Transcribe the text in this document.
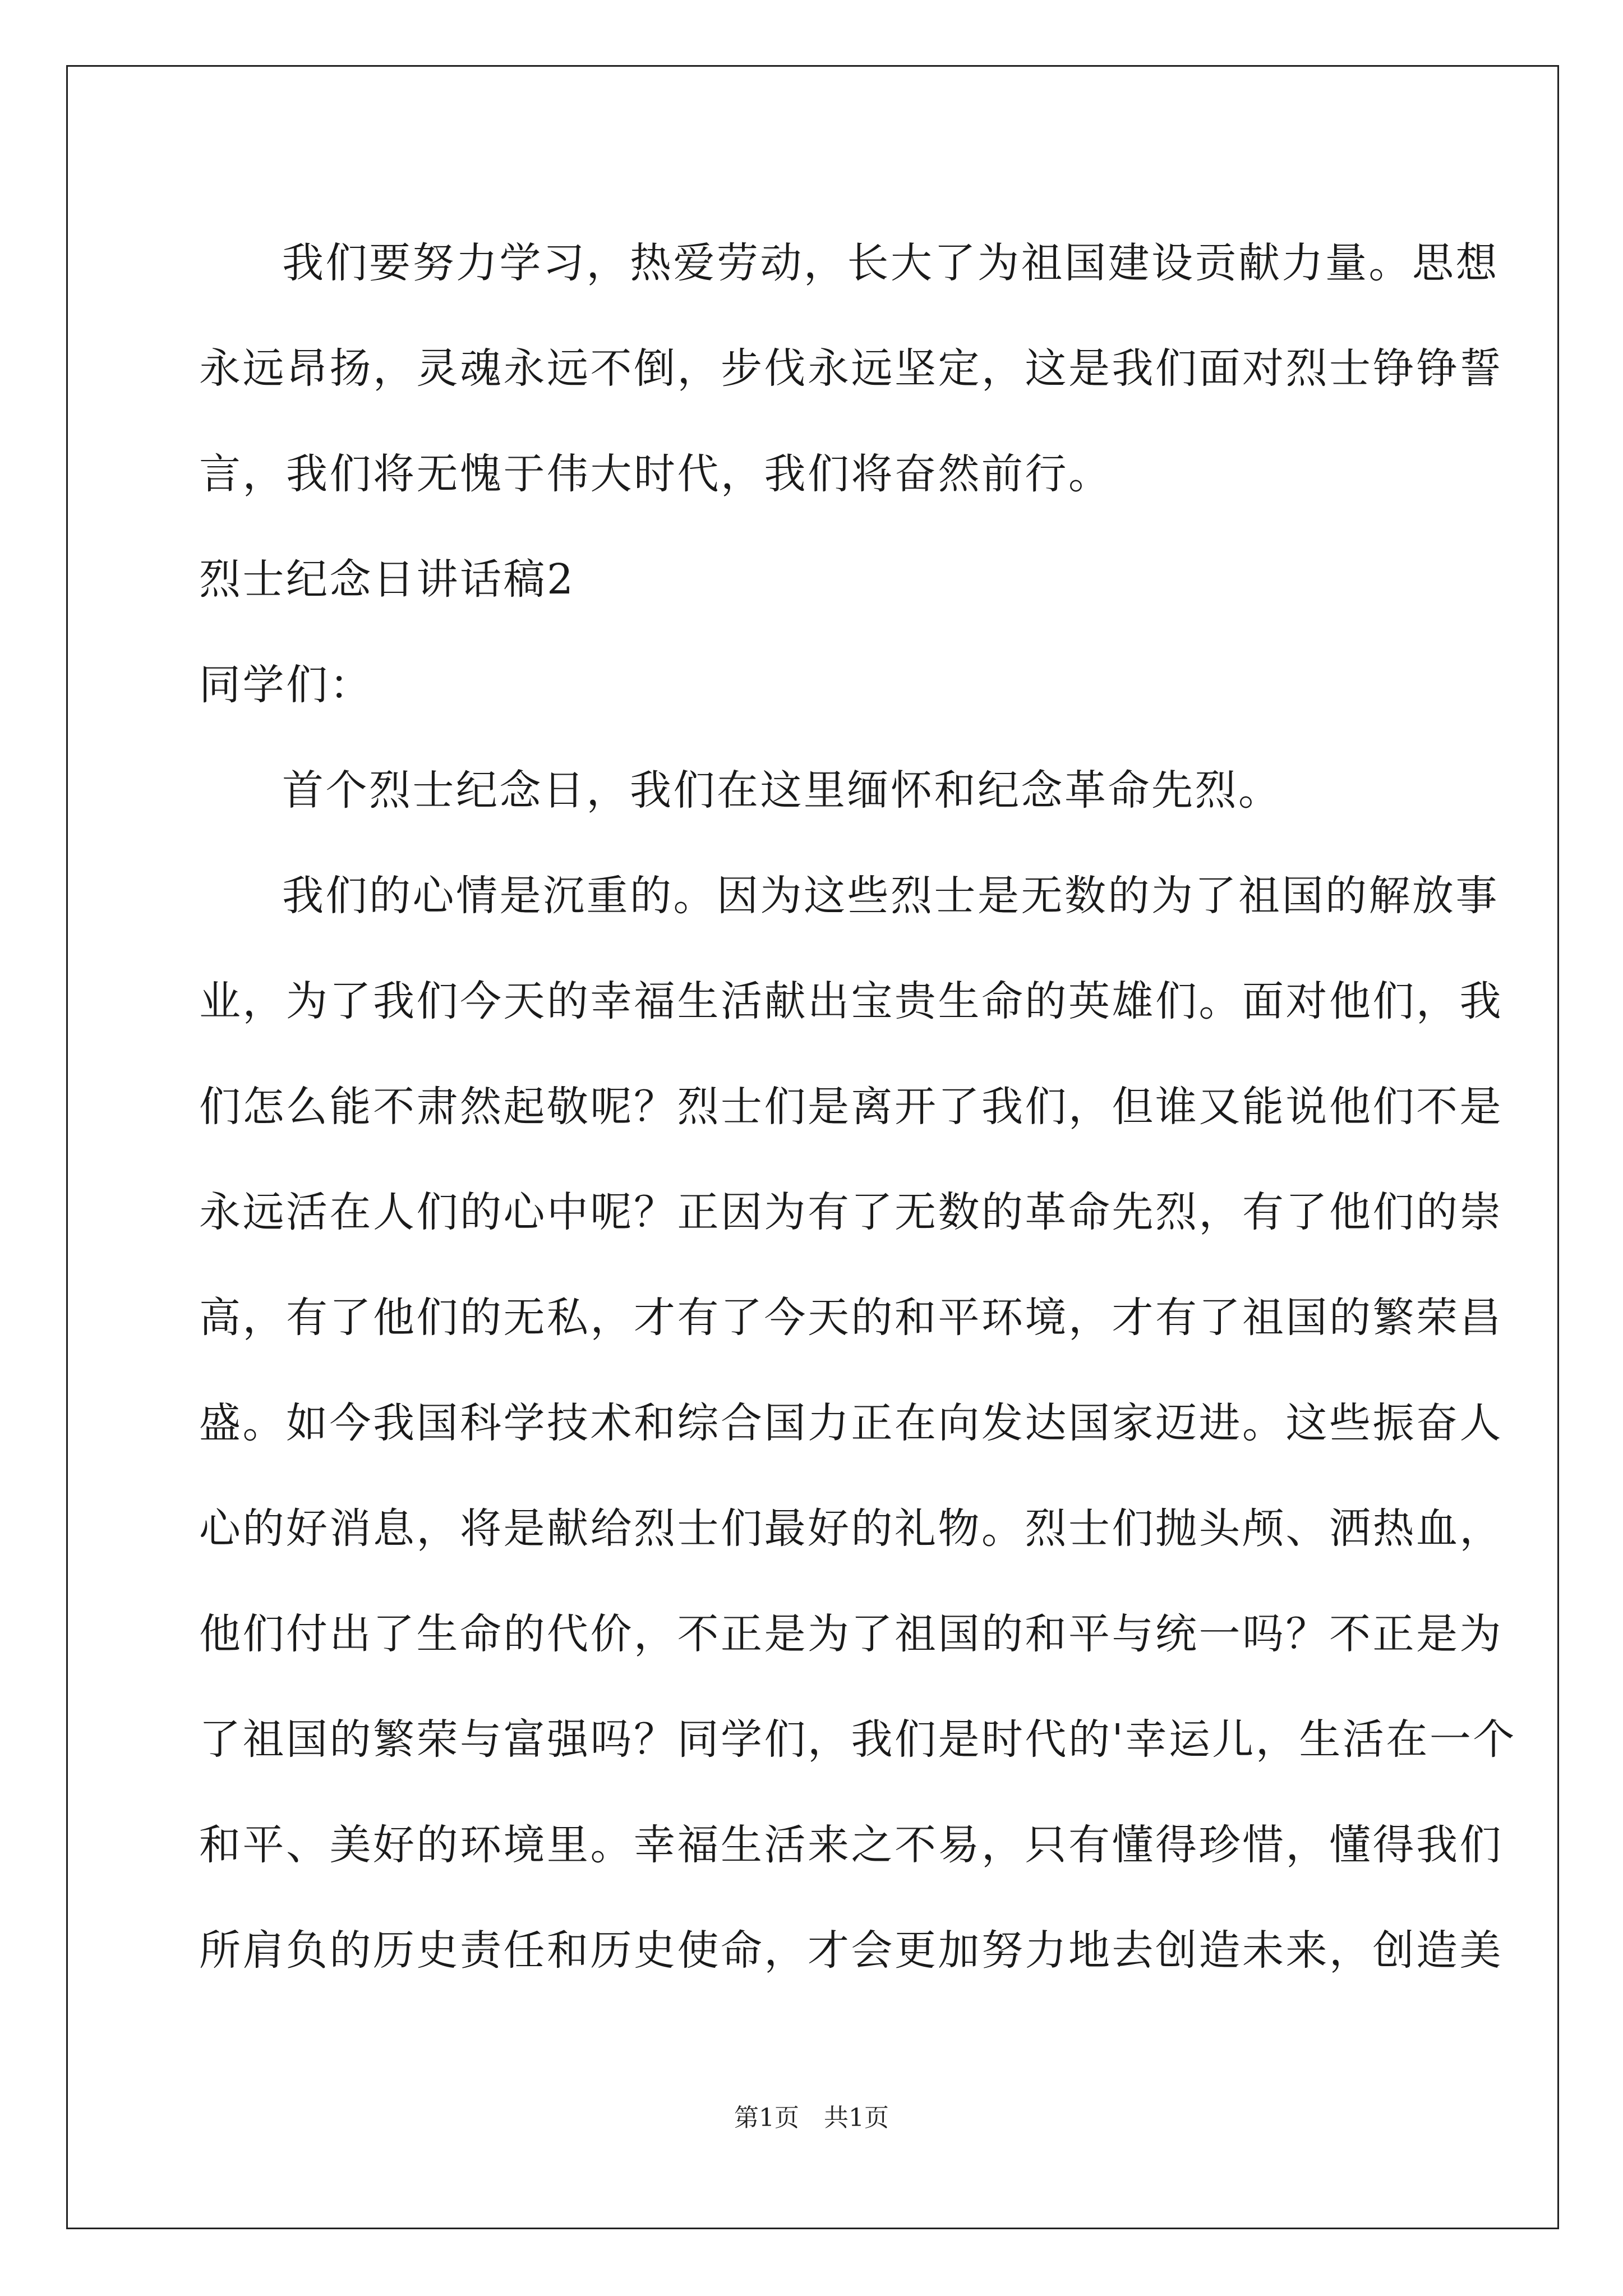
我们要努力学习，热爱劳动，长大了为祖国建设贡献力量。思想
永远昂扬，灵魂永远不倒，步伐永远坚定，这是我们面对烈士铮铮誓
言，我们将无愧于伟大时代，我们将奋然前行。
烈士纪念日讲话稿2
同学们：
首个烈士纪念日，我们在这里缅怀和纪念革命先烈。
我们的心情是沉重的。因为这些烈士是无数的为了祖国的解放事
业，为了我们今天的幸福生活献出宝贵生命的英雄们。面对他们，我
们怎么能不肃然起敬呢？烈士们是离开了我们，但谁又能说他们不是
永远活在人们的心中呢？正因为有了无数的革命先烈，有了他们的崇
高，有了他们的无私，才有了今天的和平环境，才有了祖国的繁荣昌
盛。如今我国科学技术和综合国力正在向发达国家迈进。这些振奋人
心的好消息，将是献给烈士们最好的礼物。烈士们抛头颅、洒热血，
他们付出了生命的代价，不正是为了祖国的和平与统一吗？不正是为
了祖国的繁荣与富强吗？同学们，我们是时代的'幸运儿，生活在一个
和平、美好的环境里。幸福生活来之不易，只有懂得珍惜，懂得我们
所肩负的历史责任和历史使命，才会更加努力地去创造未来，创造美
第1页　共1页
